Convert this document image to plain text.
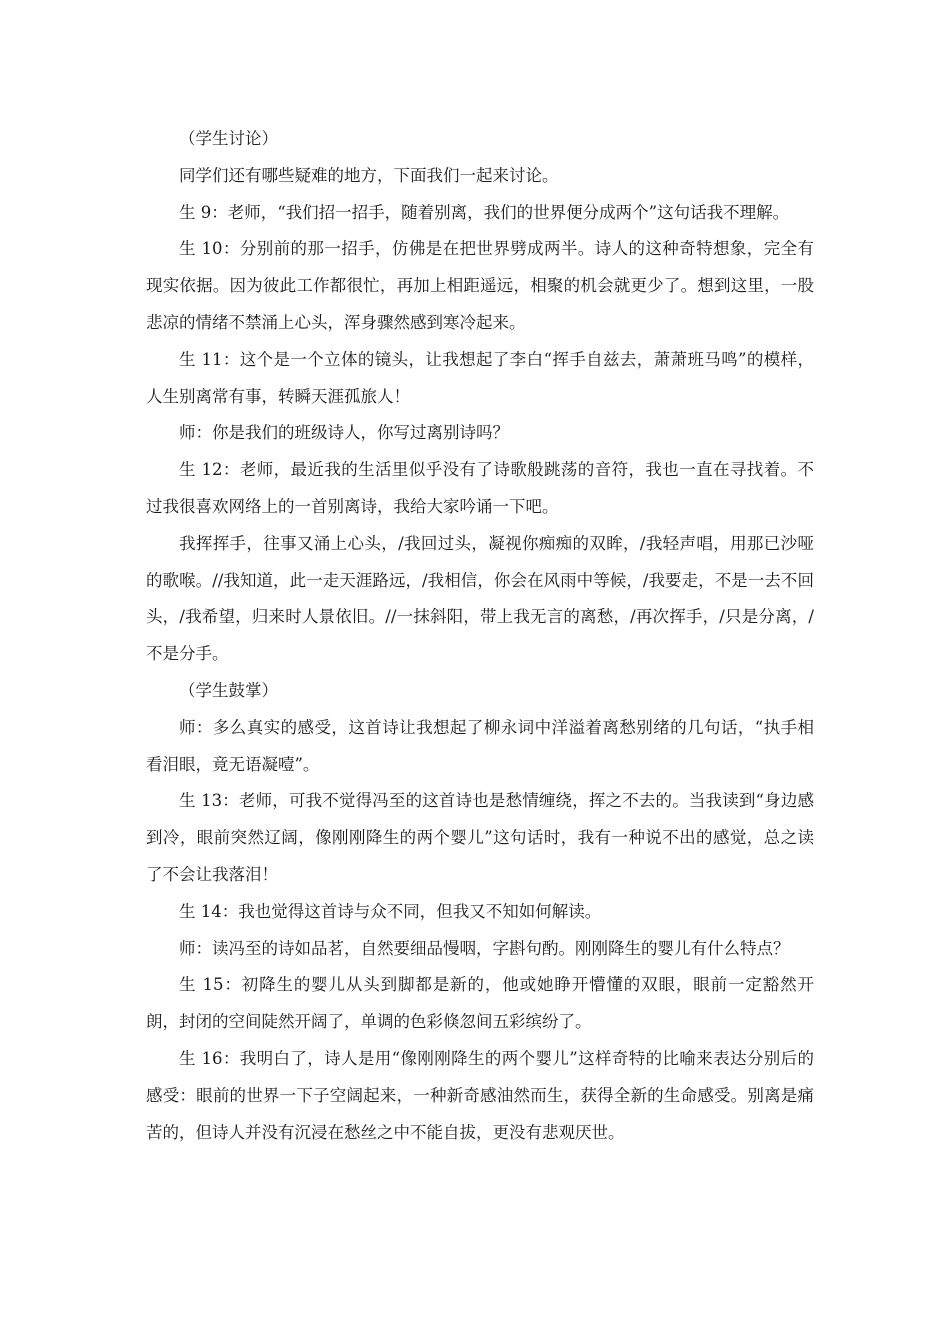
（学生讨论）

同学们还有哪些疑难的地方，下面我们一起来讨论。

生 9：老师，“我们招一招手，随着别离，我们的世界便分成两个”这句话我不理解。

生 10：分别前的那一招手，仿佛是在把世界劈成两半。诗人的这种奇特想象，完全有现实依据。因为彼此工作都很忙，再加上相距遥远，相聚的机会就更少了。想到这里，一股悲凉的情绪不禁涌上心头，浑身骤然感到寒冷起来。

生 11：这个是一个立体的镜头，让我想起了李白“挥手自兹去，萧萧班马鸣”的模样，人生别离常有事，转瞬天涯孤旅人！

师：你是我们的班级诗人，你写过离别诗吗？

生 12：老师，最近我的生活里似乎没有了诗歌般跳荡的音符，我也一直在寻找着。不过我很喜欢网络上的一首别离诗，我给大家吟诵一下吧。

我挥挥手，往事又涌上心头，/我回过头，凝视你痴痴的双眸，/我轻声唱，用那已沙哑的歌喉。//我知道，此一走天涯路远，/我相信，你会在风雨中等候，/我要走，不是一去不回头，/我希望，归来时人景依旧。//一抹斜阳，带上我无言的离愁，/再次挥手，/只是分离，/不是分手。

（学生鼓掌）

师：多么真实的感受，这首诗让我想起了柳永词中洋溢着离愁别绪的几句话，“执手相看泪眼，竟无语凝噎”。

生 13：老师，可我不觉得冯至的这首诗也是愁情缠绕，挥之不去的。当我读到“身边感到冷，眼前突然辽阔，像刚刚降生的两个婴儿”这句话时，我有一种说不出的感觉，总之读了不会让我落泪！

生 14：我也觉得这首诗与众不同，但我又不知如何解读。

师：读冯至的诗如品茗，自然要细品慢咽，字斟句酌。刚刚降生的婴儿有什么特点？

生 15：初降生的婴儿从头到脚都是新的，他或她睁开懵懂的双眼，眼前一定豁然开朗，封闭的空间陡然开阔了，单调的色彩倏忽间五彩缤纷了。

生 16：我明白了，诗人是用“像刚刚降生的两个婴儿”这样奇特的比喻来表达分别后的感受：眼前的世界一下子空阔起来，一种新奇感油然而生，获得全新的生命感受。别离是痛苦的，但诗人并没有沉浸在愁丝之中不能自拔，更没有悲观厌世。
